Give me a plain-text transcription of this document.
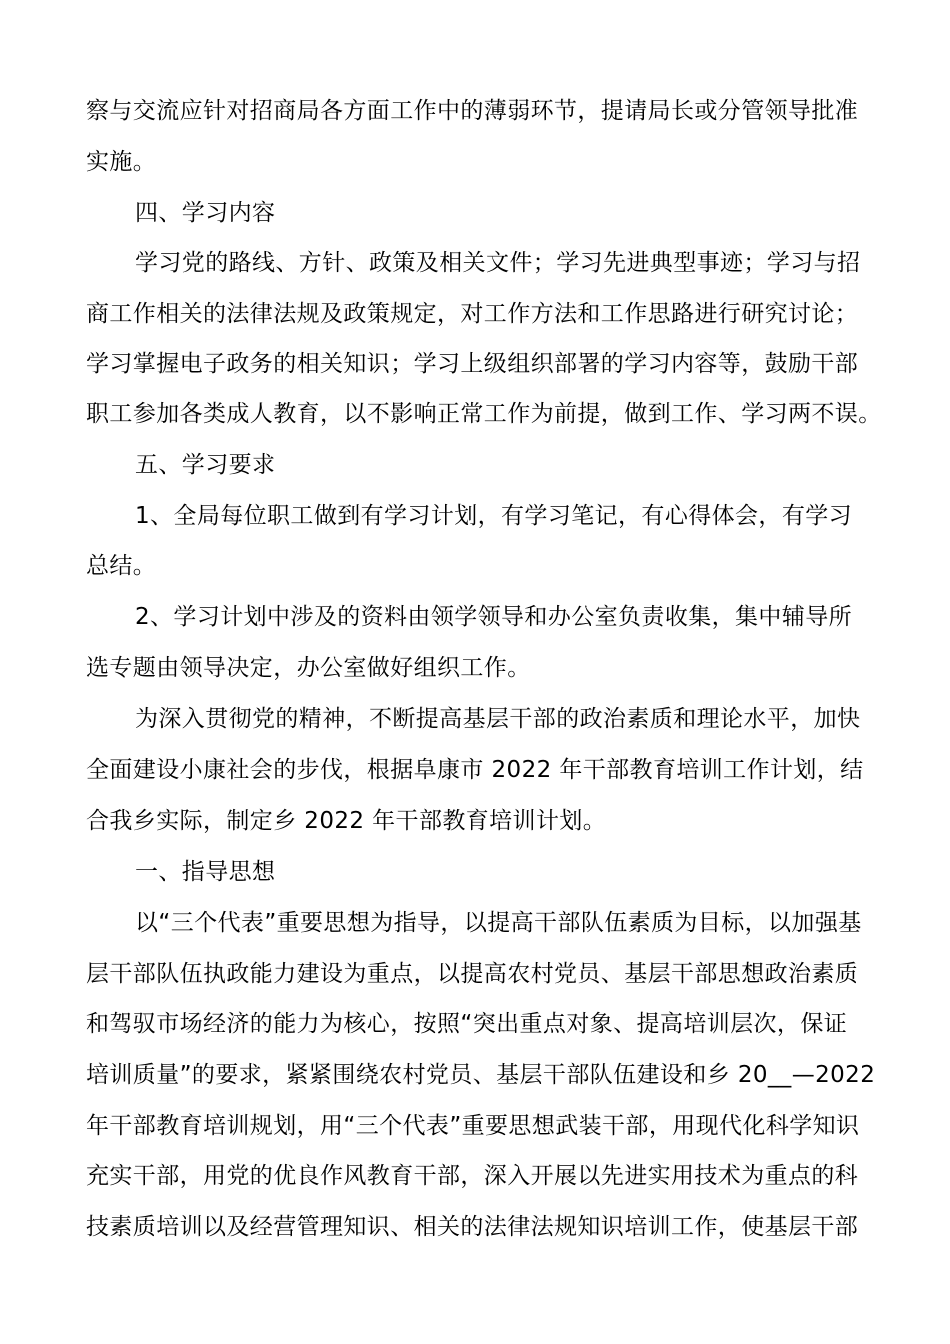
察与交流应针对招商局各方面工作中的薄弱环节，提请局长或分管领导批准
实施。
四、学习内容
学习党的路线、方针、政策及相关文件；学习先进典型事迹；学习与招
商工作相关的法律法规及政策规定，对工作方法和工作思路进行研究讨论；
学习掌握电子政务的相关知识；学习上级组织部署的学习内容等，鼓励干部
职工参加各类成人教育，以不影响正常工作为前提，做到工作、学习两不误。
五、学习要求
1、全局每位职工做到有学习计划，有学习笔记，有心得体会，有学习
总结。
2、学习计划中涉及的资料由领学领导和办公室负责收集，集中辅导所
选专题由领导决定，办公室做好组织工作。
为深入贯彻党的精神，不断提高基层干部的政治素质和理论水平，加快
全面建设小康社会的步伐，根据阜康市 2022 年干部教育培训工作计划，结
合我乡实际，制定乡 2022 年干部教育培训计划。
一、指导思想
以“三个代表”重要思想为指导，以提高干部队伍素质为目标，以加强基
层干部队伍执政能力建设为重点，以提高农村党员、基层干部思想政治素质
和驾驭市场经济的能力为核心，按照“突出重点对象、提高培训层次，保证
培训质量”的要求，紧紧围绕农村党员、基层干部队伍建设和乡 20__—2022
年干部教育培训规划，用“三个代表”重要思想武装干部，用现代化科学知识
充实干部，用党的优良作风教育干部，深入开展以先进实用技术为重点的科
技素质培训以及经营管理知识、相关的法律法规知识培训工作，使基层干部
